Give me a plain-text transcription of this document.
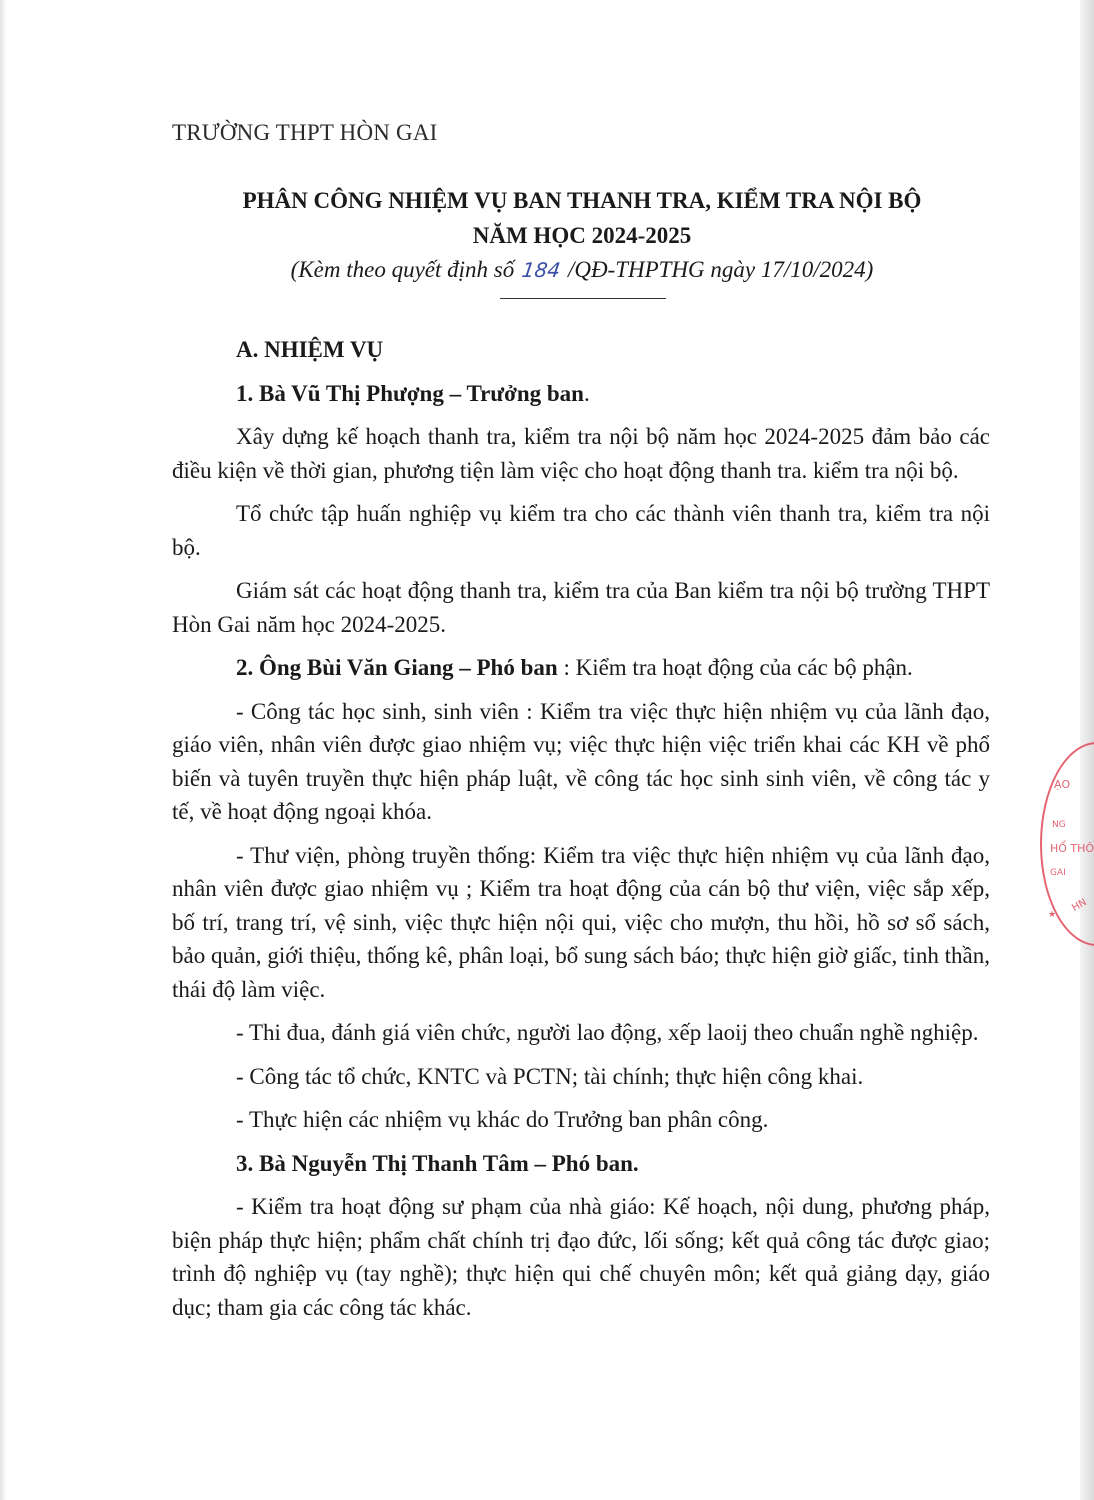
TRƯỜNG THPT HÒN GAI
PHÂN CÔNG NHIỆM VỤ BAN THANH TRA, KIỂM TRA NỘI BỘ
NĂM HỌC 2024-2025
(Kèm theo quyết định số 184 /QĐ-THPTHG ngày 17/10/2024)

A. NHIỆM VỤ

1. Bà Vũ Thị Phượng – Trưởng ban.

Xây dựng kế hoạch thanh tra, kiểm tra nội bộ năm học 2024-2025 đảm bảo các điều kiện về thời gian, phương tiện làm việc cho hoạt động thanh tra. kiểm tra nội bộ.

Tổ chức tập huấn nghiệp vụ kiểm tra cho các thành viên thanh tra, kiểm tra nội bộ.

Giám sát các hoạt động thanh tra, kiểm tra của Ban kiểm tra nội bộ trường THPT Hòn Gai năm học 2024-2025.

2. Ông Bùi Văn Giang – Phó ban : Kiểm tra hoạt động của các bộ phận.

- Công tác học sinh, sinh viên : Kiểm tra việc thực hiện nhiệm vụ của lãnh đạo, giáo viên, nhân viên được giao nhiệm vụ; việc thực hiện việc triển khai các KH về phổ biến và tuyên truyền thực hiện pháp luật, về công tác học sinh sinh viên, về công tác y tế, về hoạt động ngoại khóa.

- Thư viện, phòng truyền thống: Kiểm tra việc thực hiện nhiệm vụ của lãnh đạo, nhân viên được giao nhiệm vụ ; Kiểm tra hoạt động của cán bộ thư viện, việc sắp xếp, bố trí, trang trí, vệ sinh, việc thực hiện nội qui, việc cho mượn, thu hồi, hồ sơ sổ sách, bảo quản, giới thiệu, thống kê, phân loại, bổ sung sách báo; thực hiện giờ giấc, tinh thần, thái độ làm việc.

- Thi đua, đánh giá viên chức, người lao động, xếp laoij theo chuẩn nghề nghiệp.

- Công tác tổ chức, KNTC và PCTN; tài chính; thực hiện công khai.

- Thực hiện các nhiệm vụ khác do Trưởng ban phân công.

3. Bà Nguyễn Thị Thanh Tâm – Phó ban.

- Kiểm tra hoạt động sư phạm của nhà giáo: Kế hoạch, nội dung, phương pháp, biện pháp thực hiện; phẩm chất chính trị đạo đức, lối sống; kết quả công tác được giao; trình độ nghiệp vụ (tay nghề); thực hiện qui chế chuyên môn; kết quả giảng dạy, giáo dục; tham gia các công tác khác.

ẠO
NG
HỔ THÔ
GAI
★
HN
